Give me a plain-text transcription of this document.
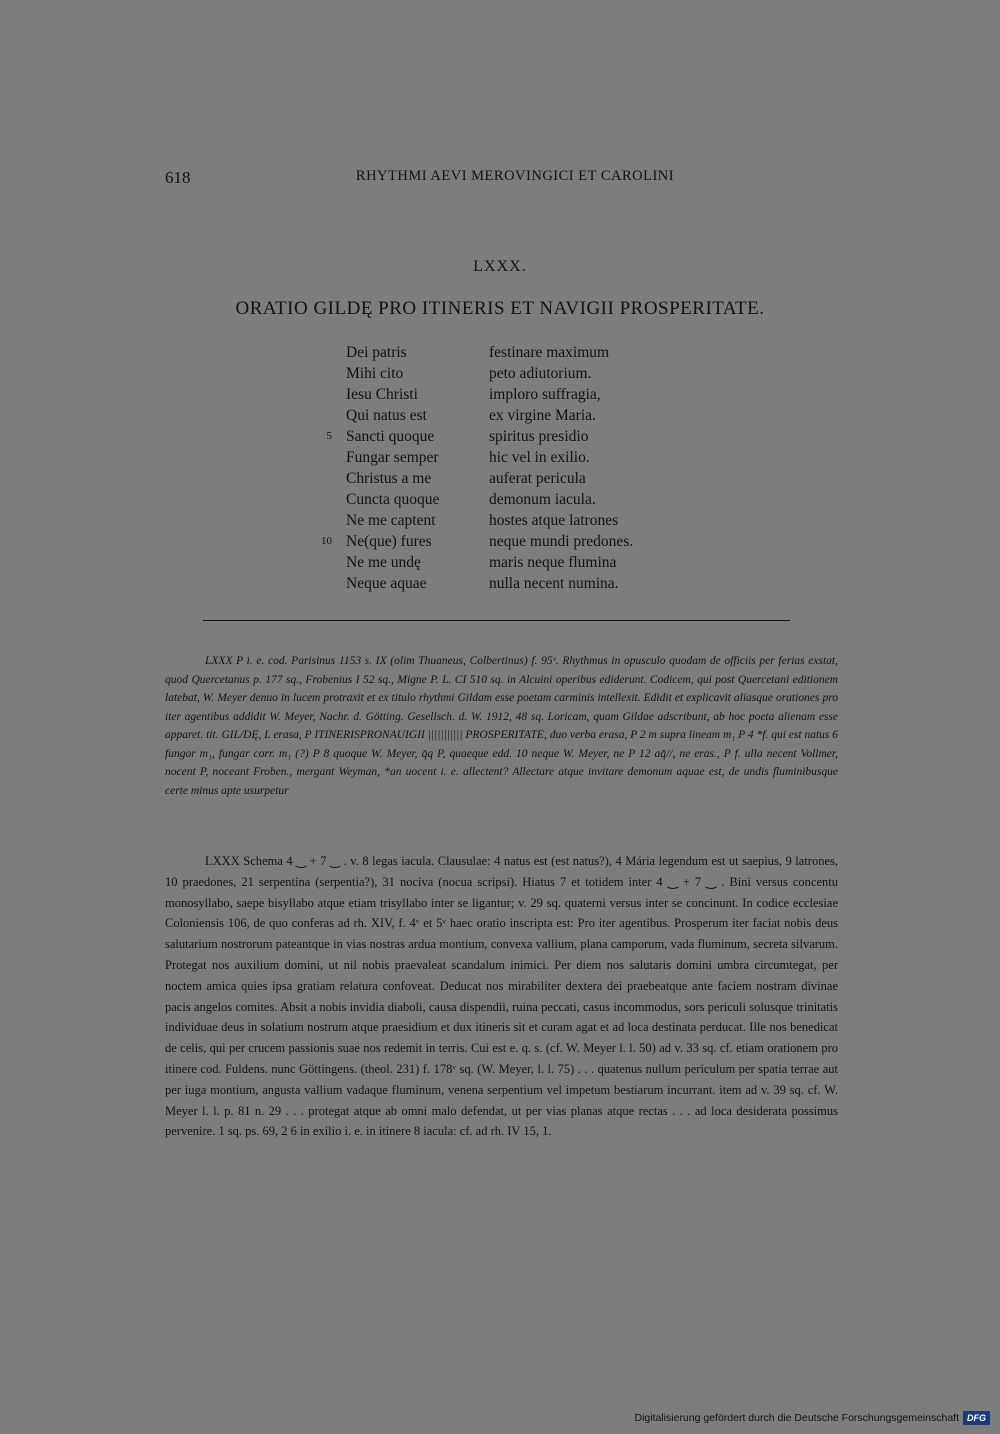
618	RHYTHMI AEVI MEROVINGICI ET CAROLINI
LXXX.
ORATIO GILDĘ PRO ITINERIS ET NAVIGII PROSPERITATE.
Dei patris	festinare maximum
Mihi cito	peto adiutorium.
Iesu Christi	imploro suffragia,
Qui natus est	ex virgine Maria.
5 Sancti quoque	spiritus presidio
Fungar semper	hic vel in exilio.
Christus a me	auferat pericula
Cuncta quoque	demonum iacula.
Ne me captent	hostes atque latrones
10 Ne(que) fures	neque mundi predones.
Ne me undę	maris neque flumina
Neque aquae	nulla necent numina.

LXXX P i. e. cod. Parisinus 1153 s. IX (olim Thuaneus, Colbertinus) f. 95ᵛ. Rhythmus in opusculo quodam de officiis per ferias exstat, quod Quercetanus p. 177 sq., Frobenius I 52 sq., Migne P. L. CI 510 sq. in Alcuini operibus ediderunt. Codicem, qui post Quercetani editionem latebat, W. Meyer denuo in lucem protraxit et ex titulo rhythmi Gildam esse poetam carminis intellexit. Edidit et explicavit aliasque orationes pro iter agentibus addidit W. Meyer, Nachr. d. Götting. Gesellsch. d. W. 1912, 48 sq. Loricam, quam Gildae adscribunt, ab hoc poeta alienam esse apparet. tit. GIL/DĘ, L erasa, P ITINERISPRONAUIGII ||||||||||| PROSPERITATE, duo verba erasa, P 2 m supra lineam m₁ P 4 *f. qui est natus 6 fungor m₁, fungar corr. m₁ (?) P 8 quoque W. Meyer, q̄q P, quaeque edd. 10 neque W. Meyer, ne P 12 aq̄//, ne eras., P f. ulla necent Vollmer, nocent P, noceant Froben., mergant Weyman, *an uocent i. e. allectent? Allectare atque invitare demonum aquae est, de undis fluminibusque certe minus apte usurpetur

LXXX Schema 4 ‿ + 7 ‿ . v. 8 legas iacula. Clausulae: 4 natus est (est natus?), 4 Mária legendum est ut saepius, 9 latrones, 10 praedones, 21 serpentina (serpentia?), 31 nociva (nocua scripsi). Hiatus 7 et totidem inter 4 ‿ + 7 ‿ . Bini versus concentu monosyllabo, saepe bisyllabo atque etiam trisyllabo inter se ligantur; v. 29 sq. quaterni versus inter se concinunt. In codice ecclesiae Coloniensis 106, de quo conferas ad rh. XIV, f. 4ᵛ et 5ᵛ haec oratio inscripta est: Pro iter agentibus. Prosperum iter faciat nobis deus salutarium nostrorum pateantque in vias nostras ardua montium, convexa vallium, plana camporum, vada fluminum, secreta silvarum. Protegat nos auxilium domini, ut nil nobis praevaleat scandalum inimici. Per diem nos salutaris domini umbra circumtegat, per noctem amica quies ipsa gratiam relatura confoveat. Deducat nos mirabiliter dextera dei praebeatque ante faciem nostram divinae pacis angelos comites. Absit a nobis invidia diaboli, causa dispendii, ruina peccati, casus incommodus, sors periculi solusque trinitatis individuae deus in solatium nostrum atque praesidium et dux itineris sit et curam agat et ad loca destinata perducat. Ille nos benedicat de celis, qui per crucem passionis suae nos redemit in terris. Cui est e. q. s. (cf. W. Meyer l. l. 50) ad v. 33 sq. cf. etiam orationem pro itinere cod. Fuldens. nunc Göttingens. (theol. 231) f. 178ᵛ sq. (W. Meyer, l. l. 75) . . . quatenus nullum periculum per spatia terrae aut per iuga montium, angusta vallium vadaque fluminum, venena serpentium vel impetum bestiarum incurrant. item ad v. 39 sq. cf. W. Meyer l. l. p. 81 n. 29 . . . protegat atque ab omni malo defendat, ut per vias planas atque rectas . . . ad loca desiderata possimus pervenire. 1 sq. ps. 69, 2 6 in exilio i. e. in itinere 8 iacula: cf. ad rh. IV 15, 1.

Digitalisierung gefördert durch die Deutsche Forschungsgemeinschaft DFG
